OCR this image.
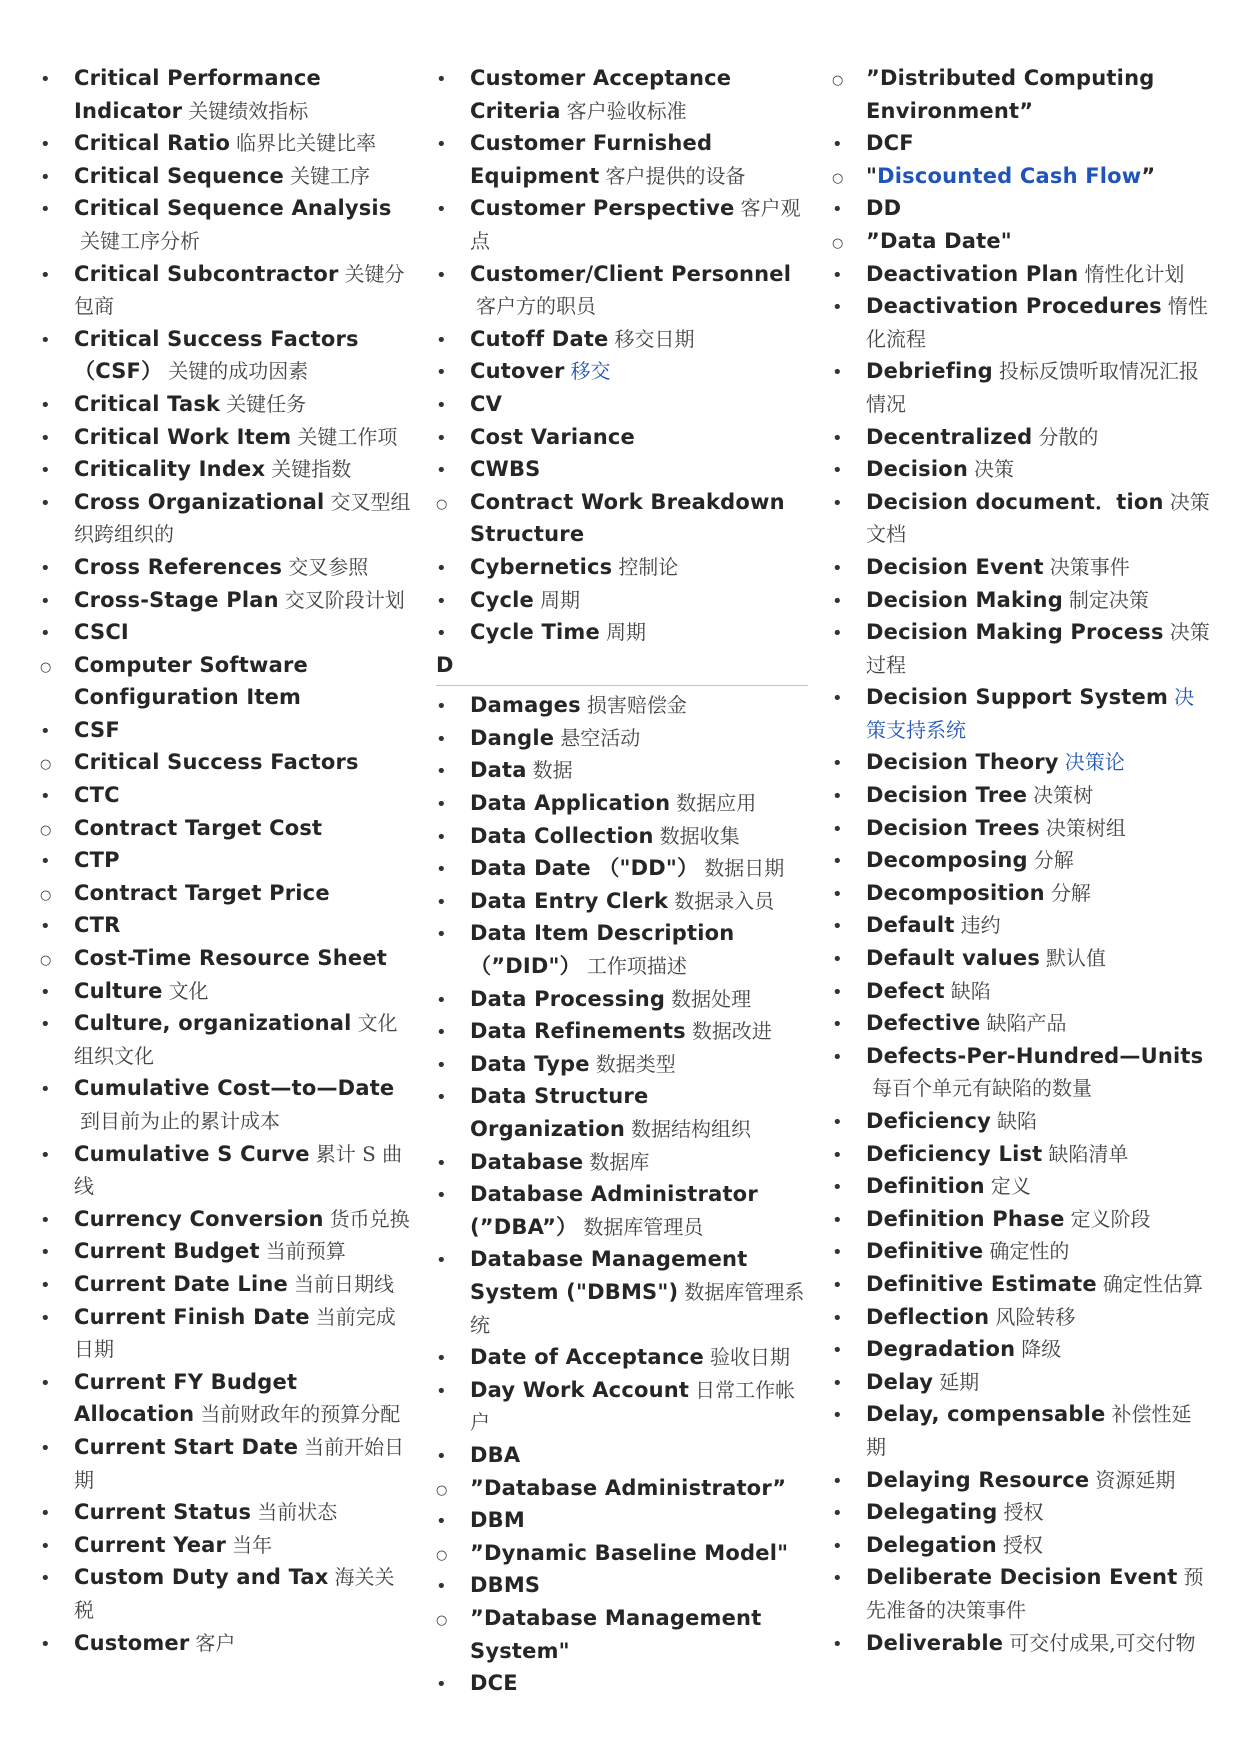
•
Critical Performance Indicator 关键绩效指标
•
Critical Ratio 临界比关键比率
•
Critical Sequence 关键工序
•
Critical Sequence Analysis关键工序分析
•
Critical Subcontractor 关键分包商
•
Critical Success Factors （CSF） 关键的成功因素
•
Critical Task 关键任务
•
Critical Work Item 关键工作项
•
Criticality Index 关键指数
•
Cross Organizational 交叉型组织跨组织的
•
Cross References 交叉参照
•
Cross-Stage Plan 交叉阶段计划
•
CSCI
○
Computer Software Configuration Item
•
CSF
○
Critical Success Factors
•
CTC
○
Contract Target Cost
•
CTP
○
Contract Target Price
•
CTR
○
Cost-Time Resource Sheet
•
Culture 文化
•
Culture, organizational 文化组织文化
•
Cumulative Cost—to—Date到目前为止的累计成本
•
Cumulative S Curve 累计 S 曲线
•
Currency Conversion 货币兑换
•
Current Budget 当前预算
•
Current Date Line 当前日期线
•
Current Finish Date 当前完成日期
•
Current FY Budget Allocation 当前财政年的预算分配
•
Current Start Date 当前开始日期
•
Current Status 当前状态
•
Current Year 当年
•
Custom Duty and Tax 海关关税
•
Customer 客户
•
Customer Acceptance Criteria 客户验收标准
•
Customer Furnished Equipment 客户提供的设备
•
Customer Perspective 客户观点
•
Customer/Client Personnel客户方的职员
•
Cutoff Date 移交日期
•
Cutover 移交
•
CV
•
Cost Variance
•
CWBS
○
Contract Work Breakdown Structure
•
Cybernetics 控制论
•
Cycle 周期
•
Cycle Time 周期
D
•
Damages 损害赔偿金
•
Dangle 悬空活动
•
Data 数据
•
Data Application 数据应用
•
Data Collection 数据收集
•
Data Date （"DD"） 数据日期
•
Data Entry Clerk 数据录入员
•
Data Item Description （”DID"） 工作项描述
•
Data Processing 数据处理
•
Data Refinements 数据改进
•
Data Type 数据类型
•
Data Structure Organization 数据结构组织
•
Database 数据库
•
Database Administrator (”DBA”） 数据库管理员
•
Database Management System ("DBMS") 数据库管理系统
•
Date of Acceptance 验收日期
•
Day Work Account 日常工作帐户
•
DBA
○
”Database Administrator”
•
DBM
○
”Dynamic Baseline Model"
•
DBMS
○
”Database Management System"
•
DCE
○
”Distributed Computing Environment”
•
DCF
○
"Discounted Cash Flow”
•
DD
○
”Data Date"
•
Deactivation Plan 惰性化计划
•
Deactivation Procedures 惰性化流程
•
Debriefing 投标反馈听取情况汇报情况
•
Decentralized 分散的
•
Decision 决策
•
Decision document．tion 决策文档
•
Decision Event 决策事件
•
Decision Making 制定决策
•
Decision Making Process 决策过程
•
Decision Support System 决策支持系统
•
Decision Theory 决策论
•
Decision Tree 决策树
•
Decision Trees 决策树组
•
Decomposing 分解
•
Decomposition 分解
•
Default 违约
•
Default values 默认值
•
Defect 缺陷
•
Defective 缺陷产品
•
Defects-Per-Hundred—Units每百个单元有缺陷的数量
•
Deficiency 缺陷
•
Deficiency List 缺陷清单
•
Definition 定义
•
Definition Phase 定义阶段
•
Definitive 确定性的
•
Definitive Estimate 确定性估算
•
Deflection 风险转移
•
Degradation 降级
•
Delay 延期
•
Delay, compensable 补偿性延期
•
Delaying Resource 资源延期
•
Delegating 授权
•
Delegation 授权
•
Deliberate Decision Event 预先准备的决策事件
•
Deliverable 可交付成果,可交付物
